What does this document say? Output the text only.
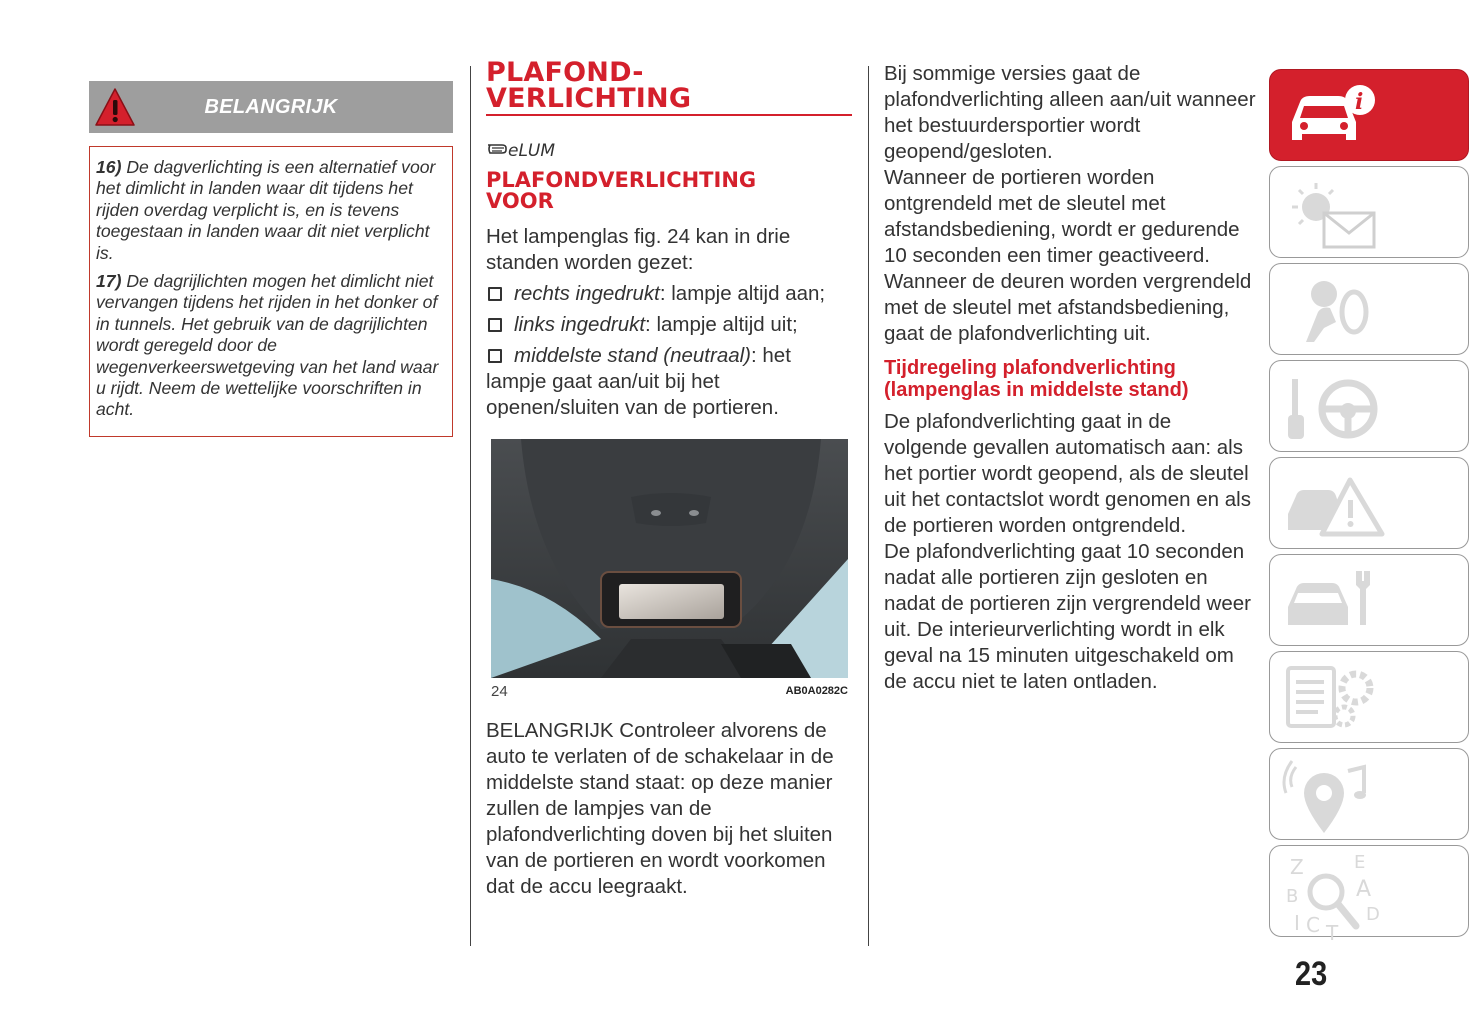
BELANGRIJK

16) De dagverlichting is een alternatief voor het dimlicht in landen waar dit tijdens het rijden overdag verplicht is, en is tevens toegestaan in landen waar dit niet verplicht is.

17) De dagrijlichten mogen het dimlicht niet vervangen tijdens het rijden in het donker of in tunnels. Het gebruik van de dagrijlichten wordt geregeld door de wegenverkeerswetgeving van het land waar u rijdt. Neem de wettelijke voorschriften in acht.

PLAFOND-
VERLICHTING
eLUM
PLAFONDVERLICHTING
VOOR

Het lampenglas fig. 24 kan in drie standen worden gezet:

rechts ingedrukt: lampje altijd aan;

links ingedrukt: lampje altijd uit;

middelste stand (neutraal): het lampje gaat aan/uit bij het openen/sluiten van de portieren.

24	AB0A0282C

BELANGRIJK Controleer alvorens de auto te verlaten of de schakelaar in de middelste stand staat: op deze manier zullen de lampjes van de plafondverlichting doven bij het sluiten van de portieren en wordt voorkomen dat de accu leegraakt.

Bij sommige versies gaat de plafondverlichting alleen aan/uit wanneer het bestuurdersportier wordt geopend/gesloten.

Wanneer de portieren worden ontgrendeld met de sleutel met afstandsbediening, wordt er gedurende 10 seconden een timer geactiveerd.

Wanneer de deuren worden vergrendeld met de sleutel met afstandsbediening, gaat de plafondverlichting uit.

Tijdregeling plafondverlichting
(lampenglas in middelste stand)

De plafondverlichting gaat in de volgende gevallen automatisch aan: als het portier wordt geopend, als de sleutel uit het contactslot wordt genomen en als de portieren worden ontgrendeld.

De plafondverlichting gaat 10 seconden nadat alle portieren zijn gesloten en nadat de portieren zijn vergrendeld weer uit. De interieurverlichting wordt in elk geval na 15 minuten uitgeschakeld om de accu niet te laten ontladen.

i
Z	E
B	A
I C T
D
23
